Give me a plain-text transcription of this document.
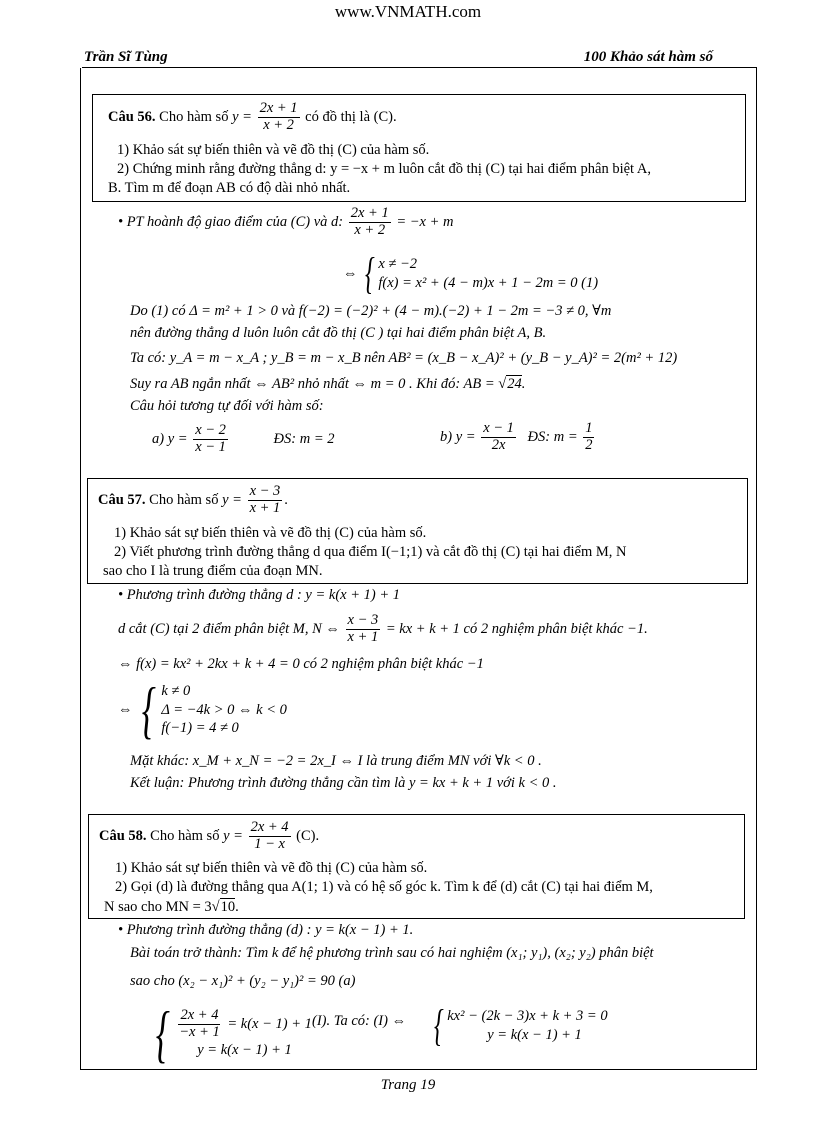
www.VNMATH.com
Trần Sĩ Tùng	100 Khảo sát hàm số
Câu 56. Cho hàm số $y = \frac{2x + 1}{x + 2}$ có đồ thị là (C).
1) Khảo sát sự biến thiên và vẽ đồ thị (C) của hàm số.
2) Chứng minh rằng đường thẳng d: y = −x + m luôn cắt đồ thị (C) tại hai điểm phân biệt A,
B. Tìm m để đoạn AB có độ dài nhỏ nhất.
• PT hoành độ giao điểm của (C) và d: $\frac{2x + 1}{x + 2} = -x + m$
⇔ { x ≠ −2
f(x) = x² + (4 − m)x + 1 − 2m = 0 (1)
Do (1) có Δ = m² + 1 > 0 và f(−2) = (−2)² + (4 − m).(−2) + 1 − 2m = −3 ≠ 0, ∀m
nên đường thẳng d luôn luôn cắt đồ thị (C ) tại hai điểm phân biệt A, B.
Ta có: y_A = m − x_A ; y_B = m − x_B nên AB² = (x_B − x_A)² + (y_B − y_A)² = 2(m² + 12)
Suy ra AB ngắn nhất ⇔ AB² nhỏ nhất ⇔ m = 0 . Khi đó: AB = √24.
Câu hỏi tương tự đối với hàm số:
a) $y = \frac{x - 2}{x - 1}$	ĐS: m = 2	b) $y = \frac{x - 1}{2x}$ ĐS: $m = \frac{1}{2}$
Câu 57. Cho hàm số $y = \frac{x - 3}{x + 1}$ .
1) Khảo sát sự biến thiên và vẽ đồ thị (C) của hàm số.
2) Viết phương trình đường thẳng d qua điểm I(−1;1) và cắt đồ thị (C) tại hai điểm M, N
sao cho I là trung điểm của đoạn MN.
• Phương trình đường thẳng d : y = k(x + 1) + 1
d cắt (C) tại 2 điểm phân biệt M, N ⇔ $\frac{x - 3}{x + 1}$ = kx + k + 1 có 2 nghiệm phân biệt khác −1.
⇔ f(x) = kx² + 2kx + k + 4 = 0 có 2 nghiệm phân biệt khác −1
⇔ { k ≠ 0
Δ = −4k > 0 ⇔ k < 0
f(−1) = 4 ≠ 0
Mặt khác: x_M + x_N = −2 = 2x_I ⇔ I là trung điểm MN với ∀k < 0 .
Kết luận: Phương trình đường thẳng cần tìm là y = kx + k + 1 với k < 0 .
Câu 58. Cho hàm số $y = \frac{2x + 4}{1 - x} (C)$.
1) Khảo sát sự biến thiên và vẽ đồ thị (C) của hàm số.
2) Gọi (d) là đường thẳng qua A(1; 1) và có hệ số góc k. Tìm k để (d) cắt (C) tại hai điểm M,
N sao cho MN = 3√10.
• Phương trình đường thẳng (d) : y = k(x − 1) + 1.
Bài toán trở thành: Tìm k để hệ phương trình sau có hai nghiệm (x₁; y₁), (x₂; y₂) phân biệt
sao cho (x₂ − x₁)² + (y₂ − y₁)² = 90 (a)
{ $\frac{2x + 4}{-x + 1} = k(x - 1) + 1$
y = k(x − 1) + 1
(I). Ta có: (I) ⇔ { kx² − (2k − 3)x + k + 3 = 0
y = k(x − 1) + 1
Trang 19
